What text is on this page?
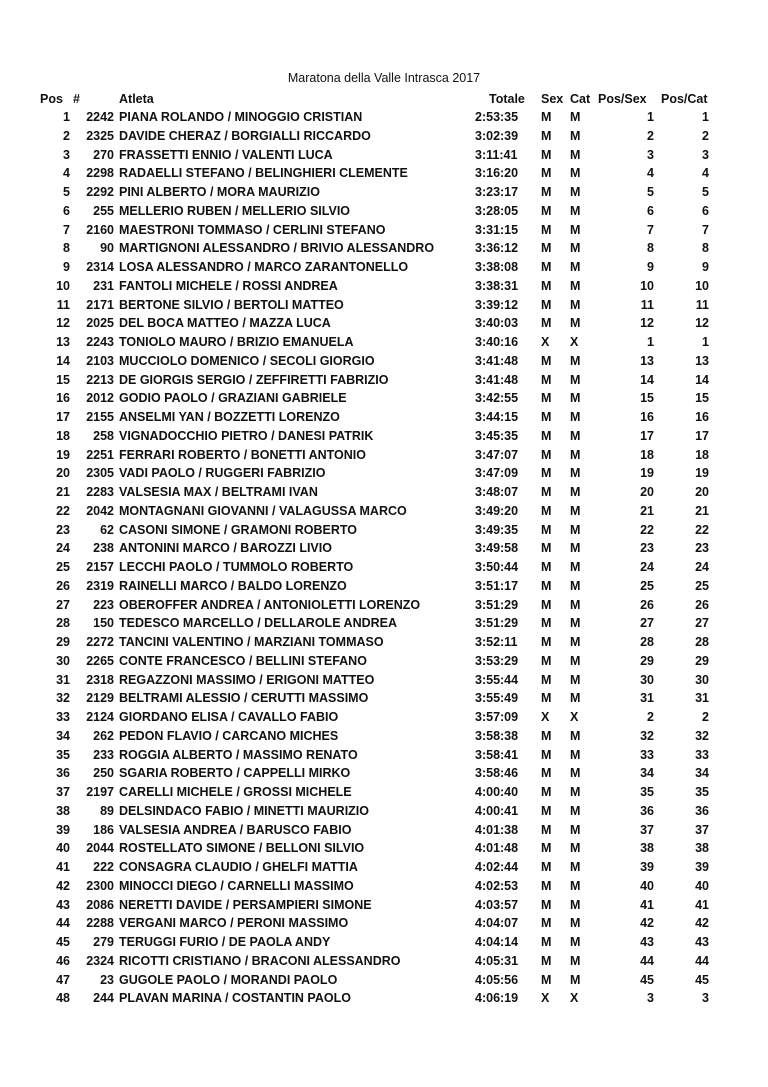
Maratona della Valle Intrasca 2017
Pos #	Atleta	Totale Sex Cat Pos/Sex Pos/Cat
1 2242 PIANA ROLANDO / MINOGGIO CRISTIAN	2:53:35 M M	1	1
2 2325 DAVIDE CHERAZ / BORGIALLI RICCARDO	3:02:39 M M	2	2
3 270 FRASSETTI ENNIO / VALENTI LUCA	3:11:41 M M	3	3
4 2298 RADAELLI STEFANO / BELINGHIERI CLEMENTE	3:16:20 M M	4	4
5 2292 PINI ALBERTO / MORA MAURIZIO	3:23:17 M M	5	5
6 255 MELLERIO RUBEN / MELLERIO SILVIO	3:28:05 M M	6	6
7 2160 MAESTRONI TOMMASO / CERLINI STEFANO	3:31:15 M M	7	7
8 90 MARTIGNONI ALESSANDRO / BRIVIO ALESSANDRO	3:36:12 M M	8	8
9 2314 LOSA ALESSANDRO / MARCO ZARANTONELLO	3:38:08 M M	9	9
10 231 FANTOLI MICHELE / ROSSI ANDREA	3:38:31 M M	10	10
11 2171 BERTONE SILVIO / BERTOLI MATTEO	3:39:12 M M	11	11
12 2025 DEL BOCA MATTEO / MAZZA LUCA	3:40:03 M M	12	12
13 2243 TONIOLO MAURO / BRIZIO EMANUELA	3:40:16 X X	1	1
14 2103 MUCCIOLO DOMENICO / SECOLI GIORGIO	3:41:48 M M	13	13
15 2213 DE GIORGIS SERGIO / ZEFFIRETTI FABRIZIO	3:41:48 M M	14	14
16 2012 GODIO PAOLO / GRAZIANI GABRIELE	3:42:55 M M	15	15
17 2155 ANSELMI YAN / BOZZETTI LORENZO	3:44:15 M M	16	16
18 258 VIGNADOCCHIO PIETRO / DANESI PATRIK	3:45:35 M M	17	17
19 2251 FERRARI ROBERTO / BONETTI ANTONIO	3:47:07 M M	18	18
20 2305 VADI PAOLO / RUGGERI FABRIZIO	3:47:09 M M	19	19
21 2283 VALSESIA MAX / BELTRAMI IVAN	3:48:07 M M	20	20
22 2042 MONTAGNANI GIOVANNI / VALAGUSSA MARCO	3:49:20 M M	21	21
23 62 CASONI SIMONE / GRAMONI ROBERTO	3:49:35 M M	22	22
24 238 ANTONINI MARCO / BAROZZI LIVIO	3:49:58 M M	23	23
25 2157 LECCHI PAOLO / TUMMOLO ROBERTO	3:50:44 M M	24	24
26 2319 RAINELLI MARCO / BALDO LORENZO	3:51:17 M M	25	25
27 223 OBEROFFER ANDREA / ANTONIOLETTI LORENZO	3:51:29 M M	26	26
28 150 TEDESCO MARCELLO / DELLAROLE ANDREA	3:51:29 M M	27	27
29 2272 TANCINI VALENTINO / MARZIANI TOMMASO	3:52:11 M M	28	28
30 2265 CONTE FRANCESCO / BELLINI STEFANO	3:53:29 M M	29	29
31 2318 REGAZZONI MASSIMO / ERIGONI MATTEO	3:55:44 M M	30	30
32 2129 BELTRAMI ALESSIO / CERUTTI MASSIMO	3:55:49 M M	31	31
33 2124 GIORDANO ELISA / CAVALLO FABIO	3:57:09 X X	2	2
34 262 PEDON FLAVIO / CARCANO MICHES	3:58:38 M M	32	32
35 233 ROGGIA ALBERTO / MASSIMO RENATO	3:58:41 M M	33	33
36 250 SGARIA ROBERTO / CAPPELLI MIRKO	3:58:46 M M	34	34
37 2197 CARELLI MICHELE / GROSSI MICHELE	4:00:40 M M	35	35
38 89 DELSINDACO FABIO / MINETTI MAURIZIO	4:00:41 M M	36	36
39 186 VALSESIA ANDREA / BARUSCO FABIO	4:01:38 M M	37	37
40 2044 ROSTELLATO SIMONE / BELLONI SILVIO	4:01:48 M M	38	38
41 222 CONSAGRA CLAUDIO / GHELFI MATTIA	4:02:44 M M	39	39
42 2300 MINOCCI DIEGO / CARNELLI MASSIMO	4:02:53 M M	40	40
43 2086 NERETTI DAVIDE / PERSAMPIERI SIMONE	4:03:57 M M	41	41
44 2288 VERGANI MARCO / PERONI MASSIMO	4:04:07 M M	42	42
45 279 TERUGGI FURIO / DE PAOLA ANDY	4:04:14 M M	43	43
46 2324 RICOTTI CRISTIANO / BRACONI ALESSANDRO	4:05:31 M M	44	44
47 23 GUGOLE PAOLO / MORANDI PAOLO	4:05:56 M M	45	45
48 244 PLAVAN MARINA / COSTANTIN PAOLO	4:06:19 X X	3	3
